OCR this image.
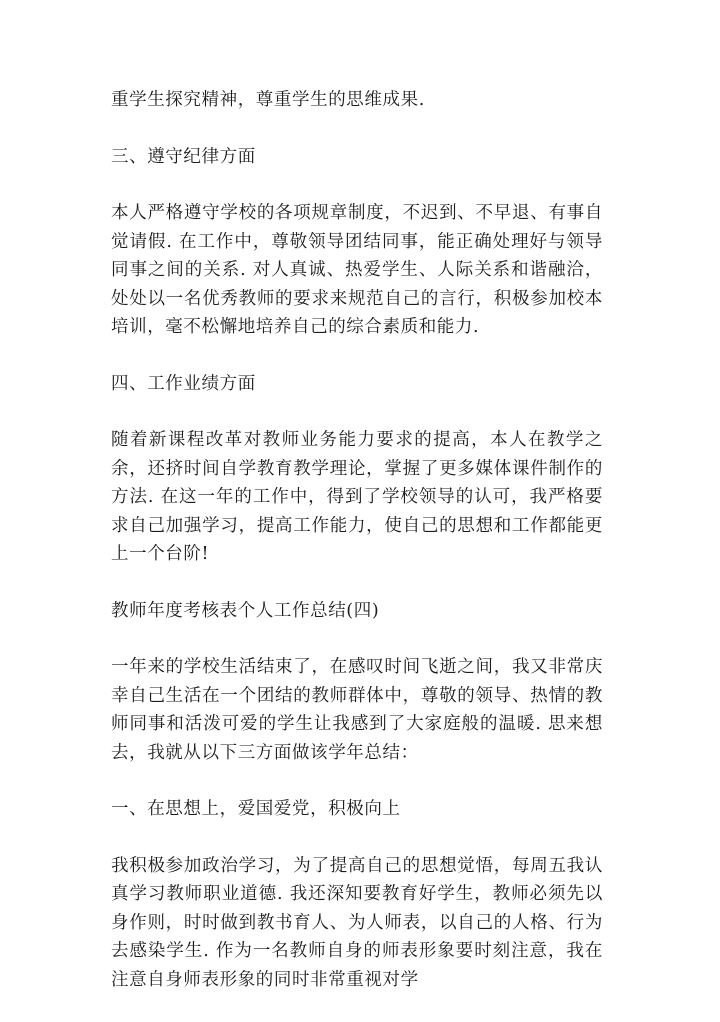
重学生探究精神，尊重学生的思维成果.

三、遵守纪律方面

本人严格遵守学校的各项规章制度，不迟到、不早退、有事自觉请假. 在工作中，尊敬领导团结同事，能正确处理好与领导同事之间的关系. 对人真诚、热爱学生、人际关系和谐融洽，处处以一名优秀教师的要求来规范自己的言行，积极参加校本培训，毫不松懈地培养自己的综合素质和能力.

四、工作业绩方面

随着新课程改革对教师业务能力要求的提高，本人在教学之余，还挤时间自学教育教学理论，掌握了更多媒体课件制作的方法. 在这一年的工作中，得到了学校领导的认可，我严格要求自己加强学习，提高工作能力，使自己的思想和工作都能更上一个台阶!

教师年度考核表个人工作总结(四)

一年来的学校生活结束了，在感叹时间飞逝之间，我又非常庆幸自己生活在一个团结的教师群体中，尊敬的领导、热情的教师同事和活泼可爱的学生让我感到了大家庭般的温暖. 思来想去，我就从以下三方面做该学年总结：

一、在思想上，爱国爱党，积极向上

我积极参加政治学习，为了提高自己的思想觉悟，每周五我认真学习教师职业道德. 我还深知要教育好学生，教师必须先以身作则，时时做到教书育人、为人师表，以自己的人格、行为去感染学生. 作为一名教师自身的师表形象要时刻注意，我在注意自身师表形象的同时非常重视对学
